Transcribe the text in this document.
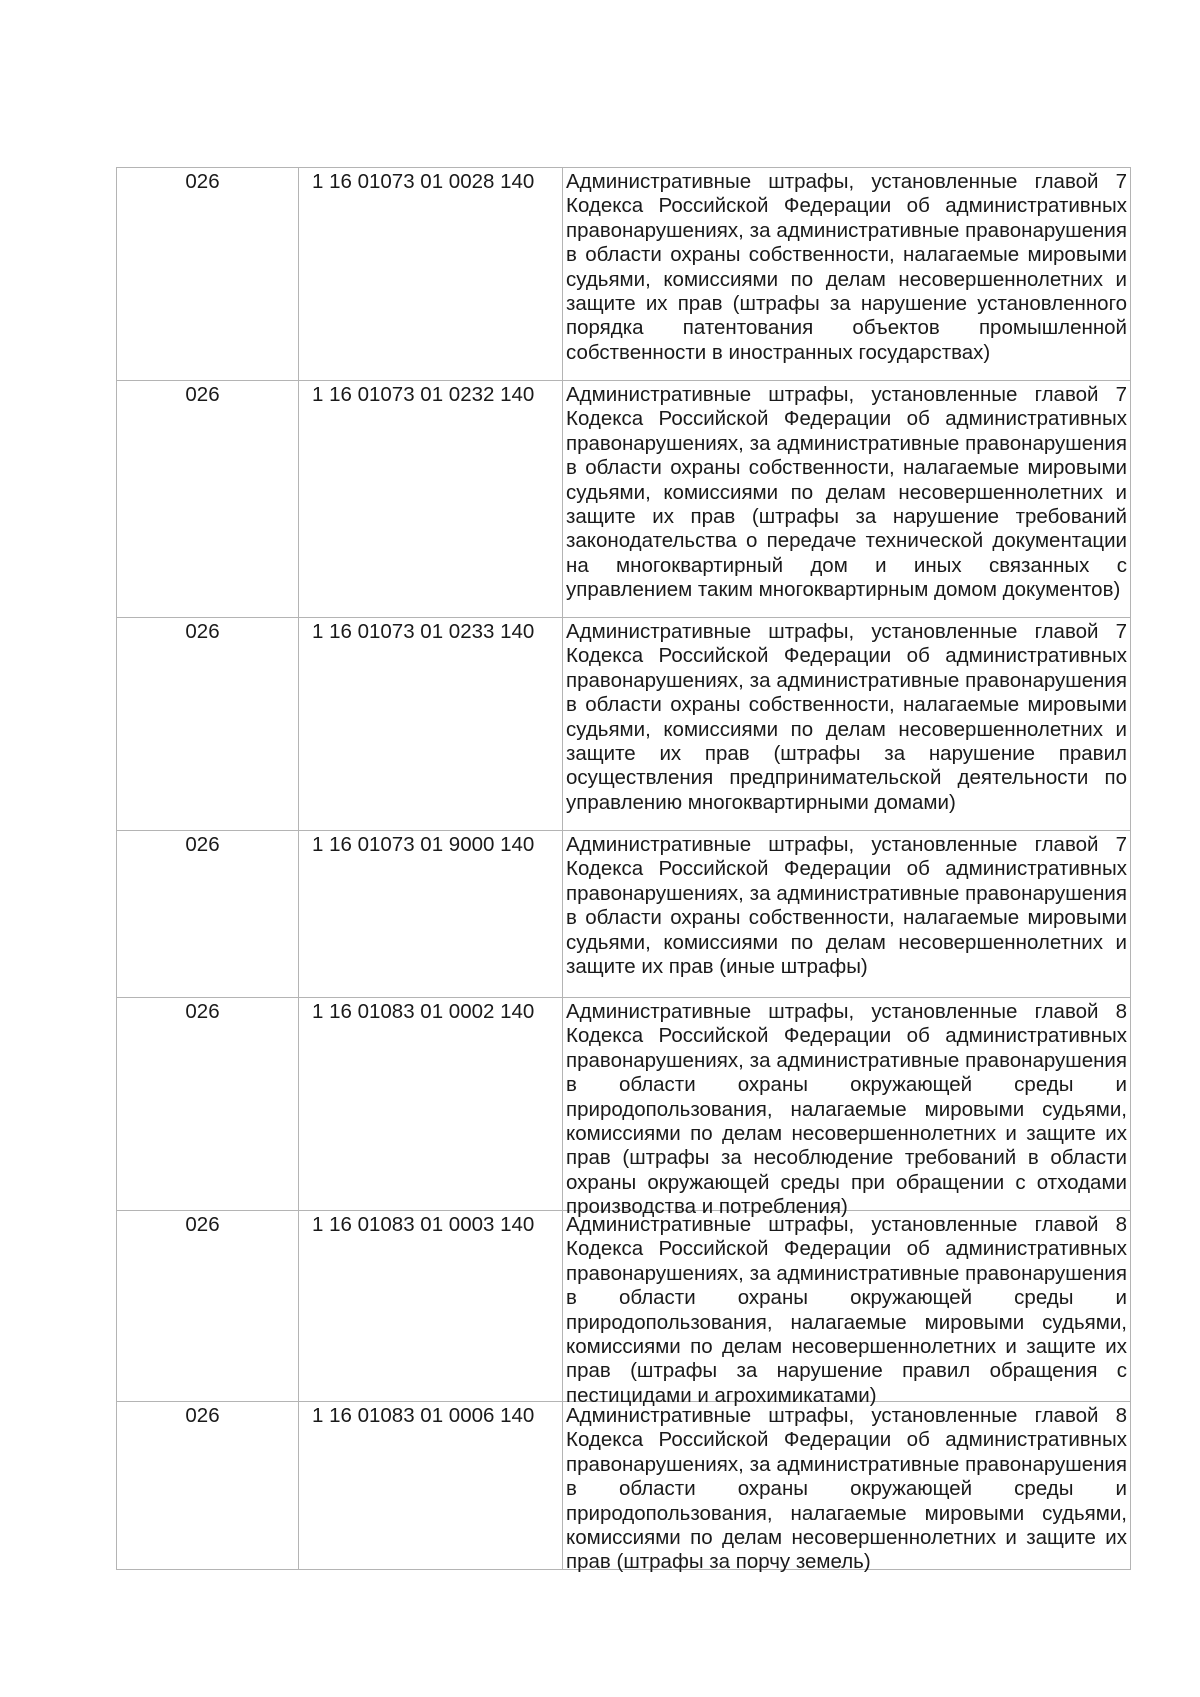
026	1 16 01073 01 0028 140	Административные штрафы, установленные главой 7 Кодекса Российской Федерации об административных правонарушениях, за административные правонарушения в области охраны собственности, налагаемые мировыми судьями, комиссиями по делам несовершеннолетних и защите их прав (штрафы за нарушение установленного порядка патентования объектов промышленной собственности в иностранных государствах)

026	1 16 01073 01 0232 140	Административные штрафы, установленные главой 7 Кодекса Российской Федерации об административных правонарушениях, за административные правонарушения в области охраны собственности, налагаемые мировыми судьями, комиссиями по делам несовершеннолетних и защите их прав (штрафы за нарушение требований законодательства о передаче технической документации на многоквартирный дом и иных связанных с управлением таким многоквартирным домом документов)

026	1 16 01073 01 0233 140	Административные штрафы, установленные главой 7 Кодекса Российской Федерации об административных правонарушениях, за административные правонарушения в области охраны собственности, налагаемые мировыми судьями, комиссиями по делам несовершеннолетних и защите их прав (штрафы за нарушение правил осуществления предпринимательской деятельности по управлению многоквартирными домами)

026	1 16 01073 01 9000 140	Административные штрафы, установленные главой 7 Кодекса Российской Федерации об административных правонарушениях, за административные правонарушения в области охраны собственности, налагаемые мировыми судьями, комиссиями по делам несовершеннолетних и защите их прав (иные штрафы)

026	1 16 01083 01 0002 140	Административные штрафы, установленные главой 8 Кодекса Российской Федерации об административных правонарушениях, за административные правонарушения в области охраны окружающей среды и природопользования, налагаемые мировыми судьями, комиссиями по делам несовершеннолетних и защите их прав (штрафы за несоблюдение требований в области охраны окружающей среды при обращении с отходами производства и потребления)

026	1 16 01083 01 0003 140	Административные штрафы, установленные главой 8 Кодекса Российской Федерации об административных правонарушениях, за административные правонарушения в области охраны окружающей среды и природопользования, налагаемые мировыми судьями, комиссиями по делам несовершеннолетних и защите их прав (штрафы за нарушение правил обращения с пестицидами и агрохимикатами)

026	1 16 01083 01 0006 140	Административные штрафы, установленные главой 8 Кодекса Российской Федерации об административных правонарушениях, за административные правонарушения в области охраны окружающей среды и природопользования, налагаемые мировыми судьями, комиссиями по делам несовершеннолетних и защите их прав (штрафы за порчу земель)
